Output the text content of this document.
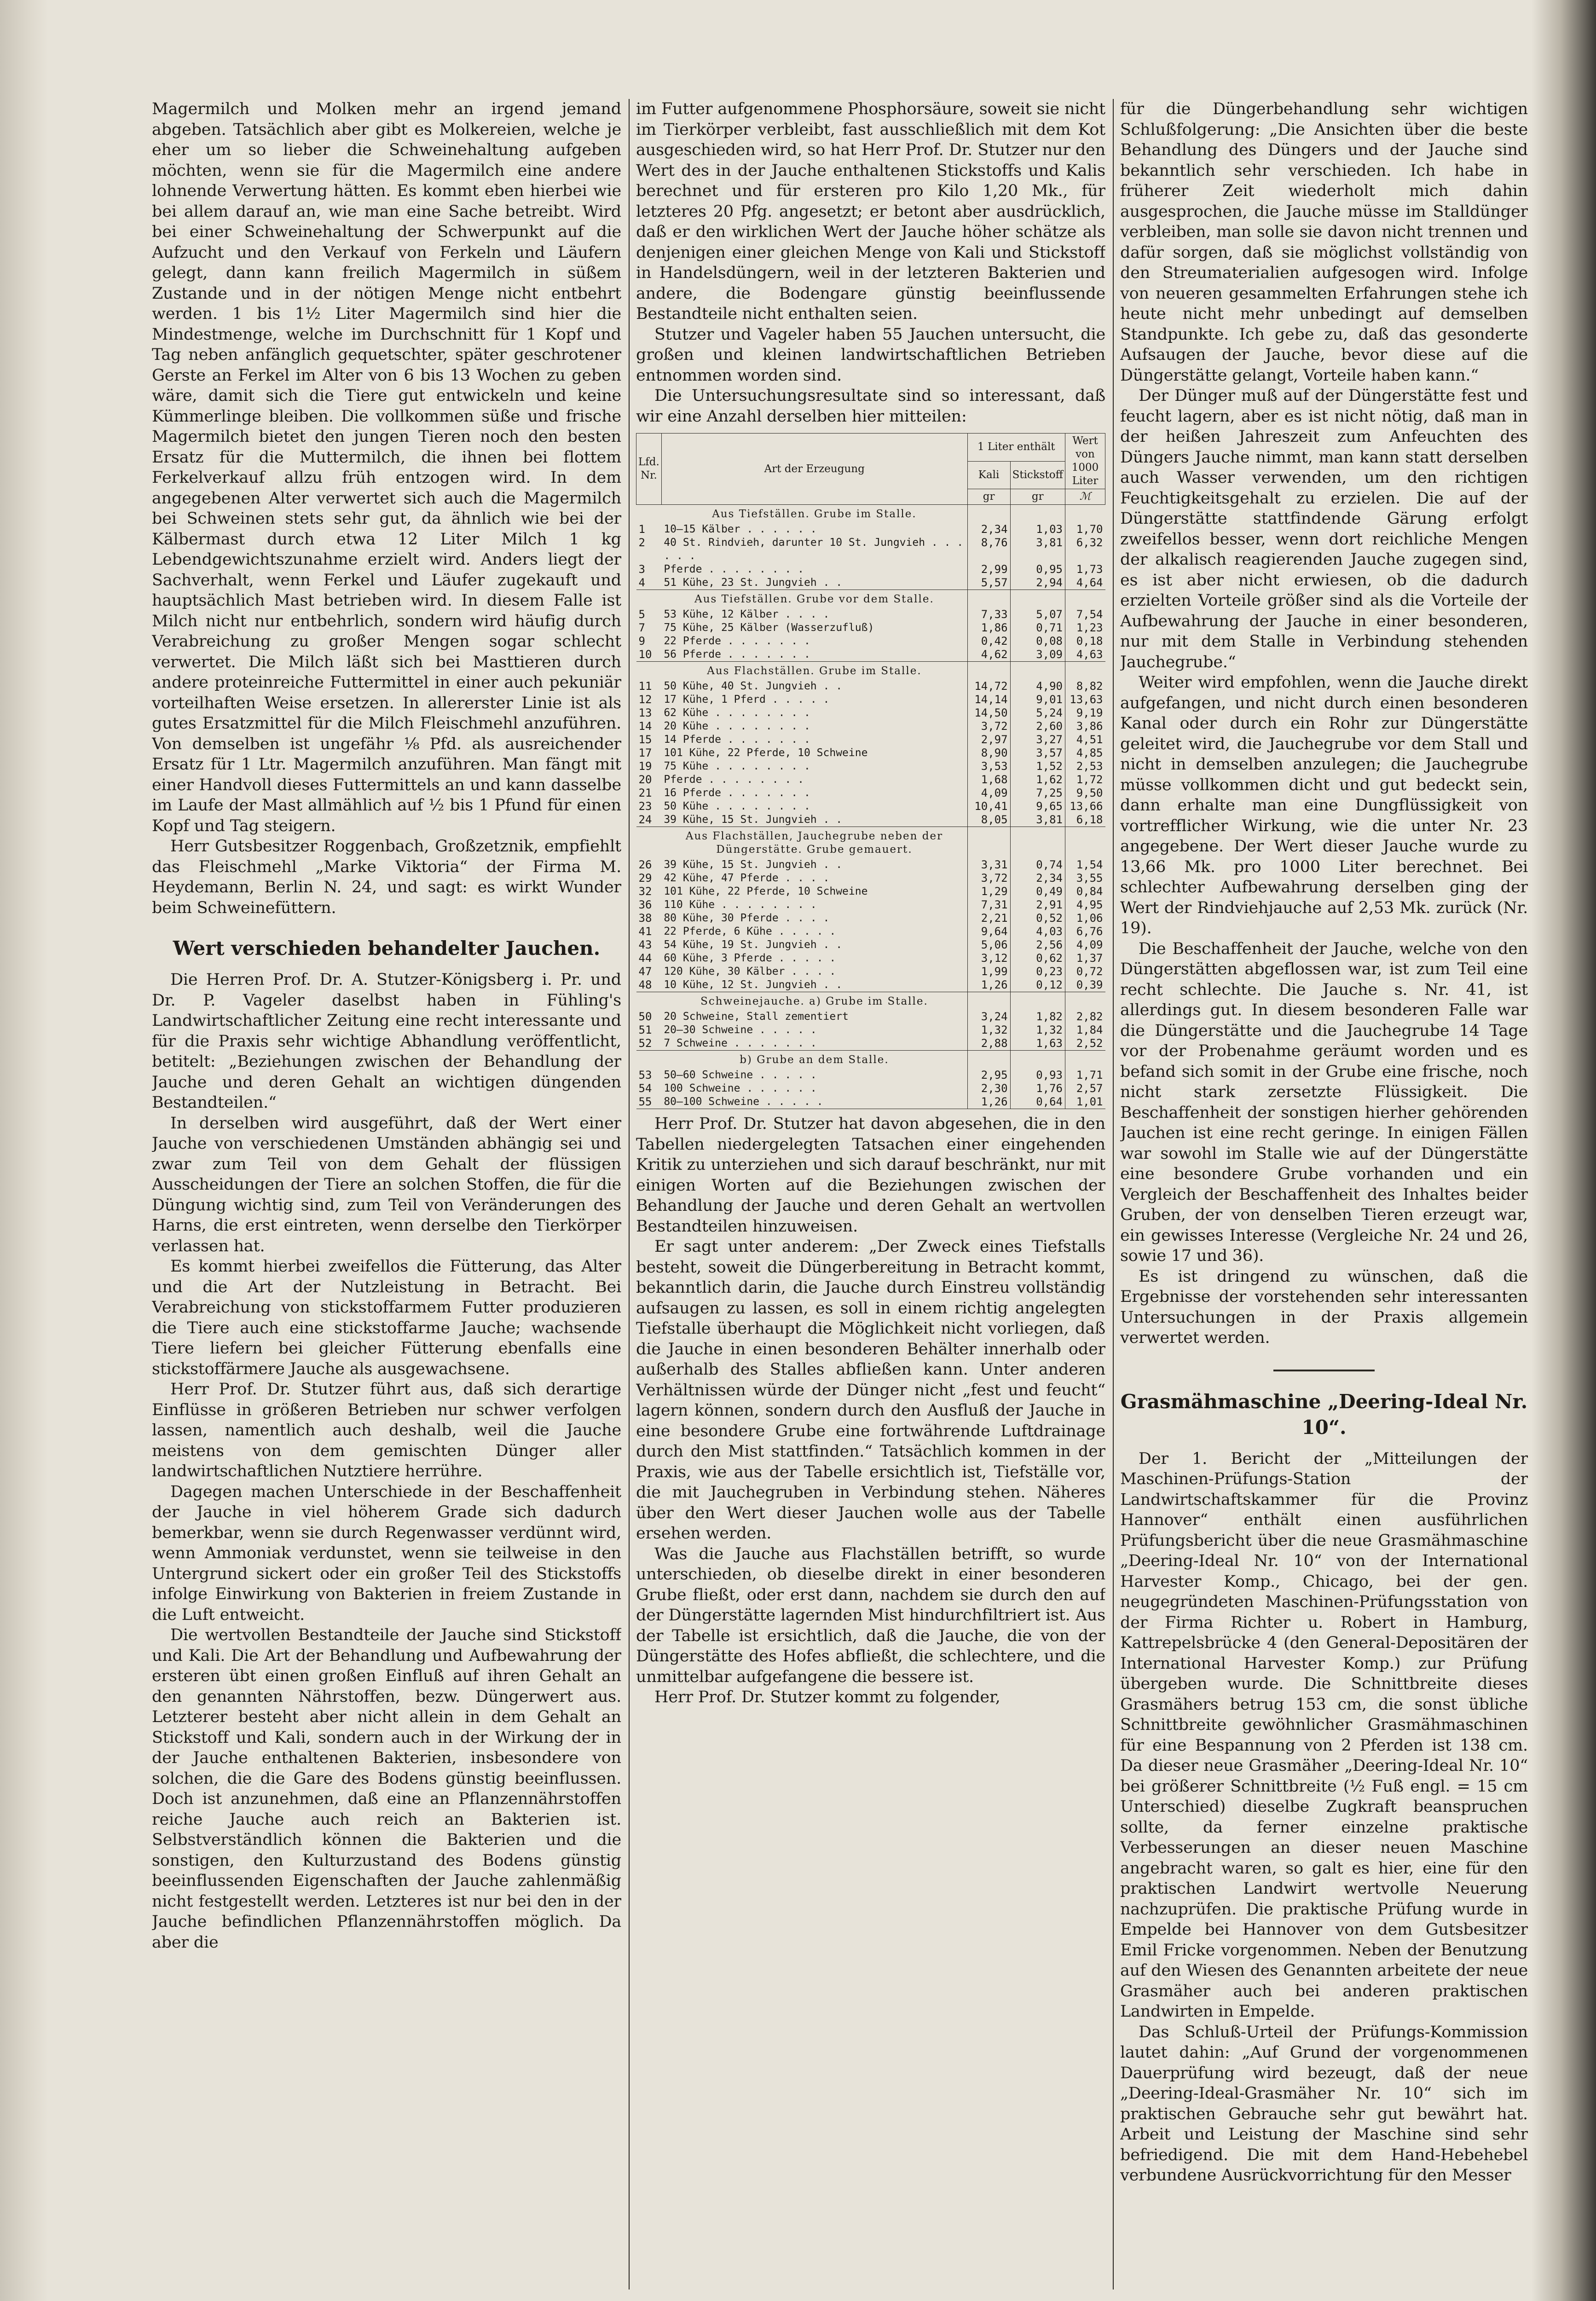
Magermilch und Molken mehr an irgend jemand abgeben. Tatsächlich aber gibt es Molkereien, welche je eher um so lieber die Schweinehaltung aufgeben möchten, wenn sie für die Magermilch eine andere lohnende Verwertung hätten. Es kommt eben hierbei wie bei allem darauf an, wie man eine Sache betreibt. Wird bei einer Schweinehaltung der Schwerpunkt auf die Aufzucht und den Verkauf von Ferkeln und Läufern gelegt, dann kann freilich Magermilch in süßem Zustande und in der nötigen Menge nicht entbehrt werden. 1 bis 1½ Liter Magermilch sind hier die Mindestmenge, welche im Durchschnitt für 1 Kopf und Tag neben anfänglich gequetschter, später geschrotener Gerste an Ferkel im Alter von 6 bis 13 Wochen zu geben wäre, damit sich die Tiere gut entwickeln und keine Kümmerlinge bleiben. Die vollkommen süße und frische Magermilch bietet den jungen Tieren noch den besten Ersatz für die Muttermilch, die ihnen bei flottem Ferkelverkauf allzu früh entzogen wird. In dem angegebenen Alter verwertet sich auch die Magermilch bei Schweinen stets sehr gut, da ähnlich wie bei der Kälbermast durch etwa 12 Liter Milch 1 kg Lebendgewichtszunahme erzielt wird. Anders liegt der Sachverhalt, wenn Ferkel und Läufer zugekauft und hauptsächlich Mast betrieben wird. In diesem Falle ist Milch nicht nur entbehrlich, sondern wird häufig durch Verabreichung zu großer Mengen sogar schlecht verwertet. Die Milch läßt sich bei Masttieren durch andere proteinreiche Futtermittel in einer auch pekuniär vorteilhaften Weise ersetzen. In allererster Linie ist als gutes Ersatzmittel für die Milch Fleischmehl anzuführen. Von demselben ist ungefähr ⅛ Pfd. als ausreichender Ersatz für 1 Ltr. Magermilch anzuführen. Man fängt mit einer Handvoll dieses Futtermittels an und kann dasselbe im Laufe der Mast allmählich auf ½ bis 1 Pfund für einen Kopf und Tag steigern.

Herr Gutsbesitzer Roggenbach, Großzetznik, empfiehlt das Fleischmehl „Marke Viktoria“ der Firma M. Heydemann, Berlin N. 24, und sagt: es wirkt Wunder beim Schweinefüttern.

Wert verschieden behandelter Jauchen.

Die Herren Prof. Dr. A. Stutzer-Königsberg i. Pr. und Dr. P. Vageler daselbst haben in Fühling's Landwirtschaftlicher Zeitung eine recht interessante und für die Praxis sehr wichtige Abhandlung veröffentlicht, betitelt: „Beziehungen zwischen der Behandlung der Jauche und deren Gehalt an wichtigen düngenden Bestandteilen.“

In derselben wird ausgeführt, daß der Wert einer Jauche von verschiedenen Umständen abhängig sei und zwar zum Teil von dem Gehalt der flüssigen Ausscheidungen der Tiere an solchen Stoffen, die für die Düngung wichtig sind, zum Teil von Veränderungen des Harns, die erst eintreten, wenn derselbe den Tierkörper verlassen hat.

Es kommt hierbei zweifellos die Fütterung, das Alter und die Art der Nutzleistung in Betracht. Bei Verabreichung von stickstoffarmem Futter produzieren die Tiere auch eine stickstoffarme Jauche; wachsende Tiere liefern bei gleicher Fütterung ebenfalls eine stickstoffärmere Jauche als ausgewachsene.

Herr Prof. Dr. Stutzer führt aus, daß sich derartige Einflüsse in größeren Betrieben nur schwer verfolgen lassen, namentlich auch deshalb, weil die Jauche meistens von dem gemischten Dünger aller landwirtschaftlichen Nutztiere herrühre.

Dagegen machen Unterschiede in der Beschaffenheit der Jauche in viel höherem Grade sich dadurch bemerkbar, wenn sie durch Regenwasser verdünnt wird, wenn Ammoniak verdunstet, wenn sie teilweise in den Untergrund sickert oder ein großer Teil des Stickstoffs infolge Einwirkung von Bakterien in freiem Zustande in die Luft entweicht.

Die wertvollen Bestandteile der Jauche sind Stickstoff und Kali. Die Art der Behandlung und Aufbewahrung der ersteren übt einen großen Einfluß auf ihren Gehalt an den genannten Nährstoffen, bezw. Düngerwert aus. Letzterer besteht aber nicht allein in dem Gehalt an Stickstoff und Kali, sondern auch in der Wirkung der in der Jauche enthaltenen Bakterien, insbesondere von solchen, die die Gare des Bodens günstig beeinflussen. Doch ist anzunehmen, daß eine an Pflanzennährstoffen reiche Jauche auch reich an Bakterien ist. Selbstverständlich können die Bakterien und die sonstigen, den Kulturzustand des Bodens günstig beeinflussenden Eigenschaften der Jauche zahlenmäßig nicht festgestellt werden. Letzteres ist nur bei den in der Jauche befindlichen Pflanzennährstoffen möglich. Da aber die

im Futter aufgenommene Phosphorsäure, soweit sie nicht im Tierkörper verbleibt, fast ausschließlich mit dem Kot ausgeschieden wird, so hat Herr Prof. Dr. Stutzer nur den Wert des in der Jauche enthaltenen Stickstoffs und Kalis berechnet und für ersteren pro Kilo 1,20 Mk., für letzteres 20 Pfg. angesetzt; er betont aber ausdrücklich, daß er den wirklichen Wert der Jauche höher schätze als denjenigen einer gleichen Menge von Kali und Stickstoff in Handelsdüngern, weil in der letzteren Bakterien und andere, die Bodengare günstig beeinflussende Bestandteile nicht enthalten seien.

Stutzer und Vageler haben 55 Jauchen untersucht, die großen und kleinen landwirtschaftlichen Betrieben entnommen worden sind.

Die Untersuchungsresultate sind so interessant, daß wir eine Anzahl derselben hier mitteilen:

Lfd. Nr.	Art der Erzeugung	1 Liter enthält		Wert von 1000 Liter
		Kali	Stickstoff	
		gr	gr	ℳ
	Aus Tiefställen. Grube im Stalle.			
1	10—15 Kälber . . . . . .	2,34	1,03	1,70
2	40 St. Rindvieh, darunter 10 St. Jungvieh . . . . . .	8,76	3,81	6,32
3	Pferde . . . . . . . .	2,99	0,95	1,73
4	51 Kühe, 23 St. Jungvieh . .	5,57	2,94	4,64
	Aus Tiefställen. Grube vor dem Stalle.			
5	53 Kühe, 12 Kälber . . . .	7,33	5,07	7,54
7	75 Kühe, 25 Kälber (Wasserzufluß)	1,86	0,71	1,23
9	22 Pferde . . . . . . .	0,42	0,08	0,18
10	56 Pferde . . . . . . .	4,62	3,09	4,63
	Aus Flachställen. Grube im Stalle.			
11	50 Kühe, 40 St. Jungvieh . .	14,72	4,90	8,82
12	17 Kühe, 1 Pferd . . . . .	14,14	9,01	13,63
13	62 Kühe . . . . . . . .	14,50	5,24	9,19
14	20 Kühe . . . . . . . .	3,72	2,60	3,86
15	14 Pferde . . . . . . .	2,97	3,27	4,51
17	101 Kühe, 22 Pferde, 10 Schweine	8,90	3,57	4,85
19	75 Kühe . . . . . . . .	3,53	1,52	2,53
20	Pferde . . . . . . . .	1,68	1,62	1,72
21	16 Pferde . . . . . . .	4,09	7,25	9,50
23	50 Kühe . . . . . . . .	10,41	9,65	13,66
24	39 Kühe, 15 St. Jungvieh . .	8,05	3,81	6,18
	Aus Flachställen, Jauchegrube neben der Düngerstätte. Grube gemauert.			
26	39 Kühe, 15 St. Jungvieh . .	3,31	0,74	1,54
29	42 Kühe, 47 Pferde . . . .	3,72	2,34	3,55
32	101 Kühe, 22 Pferde, 10 Schweine	1,29	0,49	0,84
36	110 Kühe . . . . . . . .	7,31	2,91	4,95
38	80 Kühe, 30 Pferde . . . .	2,21	0,52	1,06
41	22 Pferde, 6 Kühe . . . . .	9,64	4,03	6,76
43	54 Kühe, 19 St. Jungvieh . .	5,06	2,56	4,09
44	60 Kühe, 3 Pferde . . . . .	3,12	0,62	1,37
47	120 Kühe, 30 Kälber . . . .	1,99	0,23	0,72
48	10 Kühe, 12 St. Jungvieh . .	1,26	0,12	0,39
	Schweinejauche. a) Grube im Stalle.			
50	20 Schweine, Stall zementiert	3,24	1,82	2,82
51	20—30 Schweine . . . . .	1,32	1,32	1,84
52	7 Schweine . . . . . . .	2,88	1,63	2,52
	b) Grube an dem Stalle.			
53	50—60 Schweine . . . . .	2,95	0,93	1,71
54	100 Schweine . . . . . .	2,30	1,76	2,57
55	80—100 Schweine . . . . .	1,26	0,64	1,01

Herr Prof. Dr. Stutzer hat davon abgesehen, die in den Tabellen niedergelegten Tatsachen einer eingehenden Kritik zu unterziehen und sich darauf beschränkt, nur mit einigen Worten auf die Beziehungen zwischen der Behandlung der Jauche und deren Gehalt an wertvollen Bestandteilen hinzuweisen.

Er sagt unter anderem: „Der Zweck eines Tiefstalls besteht, soweit die Düngerbereitung in Betracht kommt, bekanntlich darin, die Jauche durch Einstreu vollständig aufsaugen zu lassen, es soll in einem richtig angelegten Tiefstalle überhaupt die Möglichkeit nicht vorliegen, daß die Jauche in einen besonderen Behälter innerhalb oder außerhalb des Stalles abfließen kann. Unter anderen Verhältnissen würde der Dünger nicht „fest und feucht“ lagern können, sondern durch den Ausfluß der Jauche in eine besondere Grube eine fortwährende Luftdrainage durch den Mist stattfinden.“ Tatsächlich kommen in der Praxis, wie aus der Tabelle ersichtlich ist, Tiefställe vor, die mit Jauchegruben in Verbindung stehen. Näheres über den Wert dieser Jauchen wolle aus der Tabelle ersehen werden.

Was die Jauche aus Flachställen betrifft, so wurde unterschieden, ob dieselbe direkt in einer besonderen Grube fließt, oder erst dann, nachdem sie durch den auf der Düngerstätte lagernden Mist hindurchfiltriert ist. Aus der Tabelle ist ersichtlich, daß die Jauche, die von der Düngerstätte des Hofes abfließt, die schlechtere, und die unmittelbar aufgefangene die bessere ist.

Herr Prof. Dr. Stutzer kommt zu folgender,

für die Düngerbehandlung sehr wichtigen Schlußfolgerung: „Die Ansichten über die beste Behandlung des Düngers und der Jauche sind bekanntlich sehr verschieden. Ich habe in früherer Zeit wiederholt mich dahin ausgesprochen, die Jauche müsse im Stalldünger verbleiben, man solle sie davon nicht trennen und dafür sorgen, daß sie möglichst vollständig von den Streumaterialien aufgesogen wird. Infolge von neueren gesammelten Erfahrungen stehe ich heute nicht mehr unbedingt auf demselben Standpunkte. Ich gebe zu, daß das gesonderte Aufsaugen der Jauche, bevor diese auf die Düngerstätte gelangt, Vorteile haben kann.“

Der Dünger muß auf der Düngerstätte fest und feucht lagern, aber es ist nicht nötig, daß man in der heißen Jahreszeit zum Anfeuchten des Düngers Jauche nimmt, man kann statt derselben auch Wasser verwenden, um den richtigen Feuchtigkeitsgehalt zu erzielen. Die auf der Düngerstätte stattfindende Gärung erfolgt zweifellos besser, wenn dort reichliche Mengen der alkalisch reagierenden Jauche zugegen sind, es ist aber nicht erwiesen, ob die dadurch erzielten Vorteile größer sind als die Vorteile der Aufbewahrung der Jauche in einer besonderen, nur mit dem Stalle in Verbindung stehenden Jauchegrube.“

Weiter wird empfohlen, wenn die Jauche direkt aufgefangen, und nicht durch einen besonderen Kanal oder durch ein Rohr zur Düngerstätte geleitet wird, die Jauchegrube vor dem Stall und nicht in demselben anzulegen; die Jauchegrube müsse vollkommen dicht und gut bedeckt sein, dann erhalte man eine Dungflüssigkeit von vortrefflicher Wirkung, wie die unter Nr. 23 angegebene. Der Wert dieser Jauche wurde zu 13,66 Mk. pro 1000 Liter berechnet. Bei schlechter Aufbewahrung derselben ging der Wert der Rindviehjauche auf 2,53 Mk. zurück (Nr. 19).

Die Beschaffenheit der Jauche, welche von den Düngerstätten abgeflossen war, ist zum Teil eine recht schlechte. Die Jauche s. Nr. 41, ist allerdings gut. In diesem besonderen Falle war die Düngerstätte und die Jauchegrube 14 Tage vor der Probenahme geräumt worden und es befand sich somit in der Grube eine frische, noch nicht stark zersetzte Flüssigkeit. Die Beschaffenheit der sonstigen hierher gehörenden Jauchen ist eine recht geringe. In einigen Fällen war sowohl im Stalle wie auf der Düngerstätte eine besondere Grube vorhanden und ein Vergleich der Beschaffenheit des Inhaltes beider Gruben, der von denselben Tieren erzeugt war, ein gewisses Interesse (Vergleiche Nr. 24 und 26, sowie 17 und 36).

Es ist dringend zu wünschen, daß die Ergebnisse der vorstehenden sehr interessanten Untersuchungen in der Praxis allgemein verwertet werden.

Grasmähmaschine „Deering-Ideal Nr. 10“.

Der 1. Bericht der „Mitteilungen der Maschinen-Prüfungs-Station der Landwirtschaftskammer für die Provinz Hannover“ enthält einen ausführlichen Prüfungsbericht über die neue Grasmähmaschine „Deering-Ideal Nr. 10“ von der International Harvester Komp., Chicago, bei der gen. neugegründeten Maschinen-Prüfungsstation von der Firma Richter u. Robert in Hamburg, Kattrepelsbrücke 4 (den General-Depositären der International Harvester Komp.) zur Prüfung übergeben wurde. Die Schnittbreite dieses Grasmähers betrug 153 cm, die sonst übliche Schnittbreite gewöhnlicher Grasmähmaschinen für eine Bespannung von 2 Pferden ist 138 cm. Da dieser neue Grasmäher „Deering-Ideal Nr. 10“ bei größerer Schnittbreite (½ Fuß engl. = 15 cm Unterschied) dieselbe Zugkraft beanspruchen sollte, da ferner einzelne praktische Verbesserungen an dieser neuen Maschine angebracht waren, so galt es hier, eine für den praktischen Landwirt wertvolle Neuerung nachzuprüfen. Die praktische Prüfung wurde in Empelde bei Hannover von dem Gutsbesitzer Emil Fricke vorgenommen. Neben der Benutzung auf den Wiesen des Genannten arbeitete der neue Grasmäher auch bei anderen praktischen Landwirten in Empelde.

Das Schluß-Urteil der Prüfungs-Kommission lautet dahin: „Auf Grund der vorgenommenen Dauerprüfung wird bezeugt, daß der neue „Deering-Ideal-Grasmäher Nr. 10“ sich im praktischen Gebrauche sehr gut bewährt hat. Arbeit und Leistung der Maschine sind sehr befriedigend. Die mit dem Hand-Hebehebel verbundene Ausrückvorrichtung für den Messer
